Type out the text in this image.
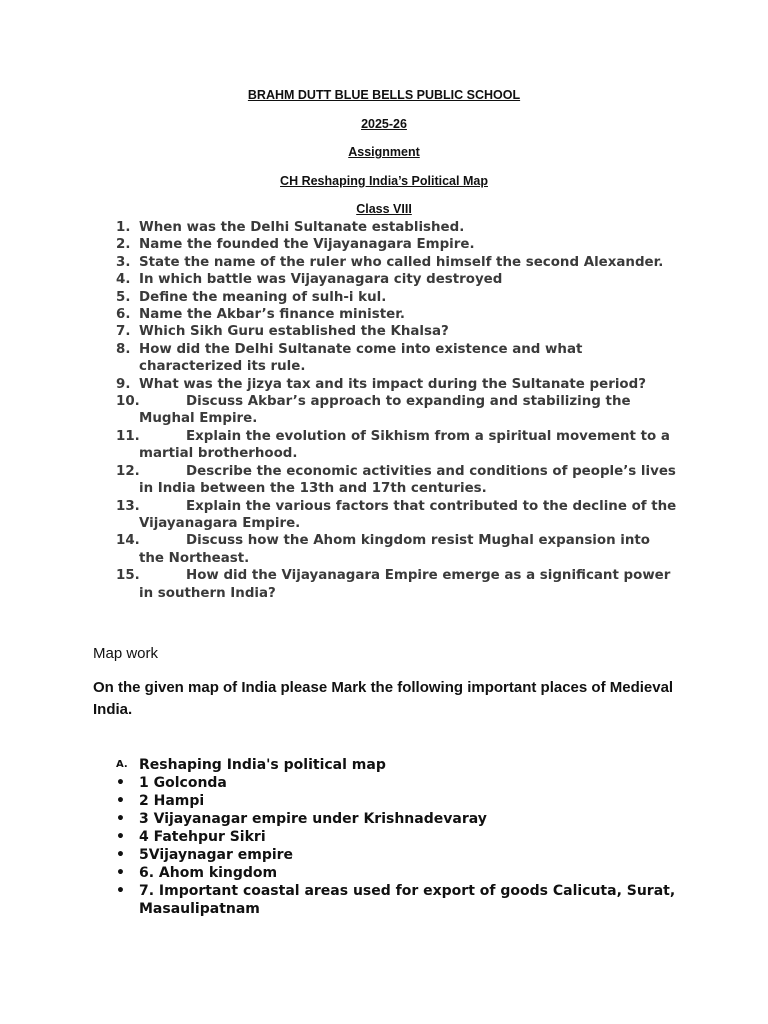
BRAHM DUTT BLUE BELLS PUBLIC SCHOOL
2025-26
Assignment
CH Reshaping India’s Political Map
Class VIII
1. When was the Delhi Sultanate established.
2. Name the founded the Vijayanagara Empire.
3. State the name of the ruler who called himself the second Alexander.
4. In which battle was Vijayanagara city destroyed
5. Define the meaning of sulh-i kul.
6. Name the Akbar’s finance minister.
7. Which Sikh Guru established the Khalsa?
8. How did the Delhi Sultanate come into existence and what characterized its rule.
9. What was the jizya tax and its impact during the Sultanate period?
10.	Discuss Akbar’s approach to expanding and stabilizing the Mughal Empire.
11.	Explain the evolution of Sikhism from a spiritual movement to a martial brotherhood.
12.	Describe the economic activities and conditions of people’s lives in India between the 13th and 17th centuries.
13.	Explain the various factors that contributed to the decline of the Vijayanagara Empire.
14.	Discuss how the Ahom kingdom resist Mughal expansion into the Northeast.
15.	How did the Vijayanagara Empire emerge as a significant power in southern India?
Map work
On the given map of India please Mark the following important places of Medieval India.
A. Reshaping India's political map
• 1 Golconda
• 2 Hampi
• 3 Vijayanagar empire under Krishnadevaray
• 4 Fatehpur Sikri
• 5Vijaynagar empire
• 6. Ahom kingdom
• 7. Important coastal areas used for export of goods Calicuta, Surat, Masaulipatnam
